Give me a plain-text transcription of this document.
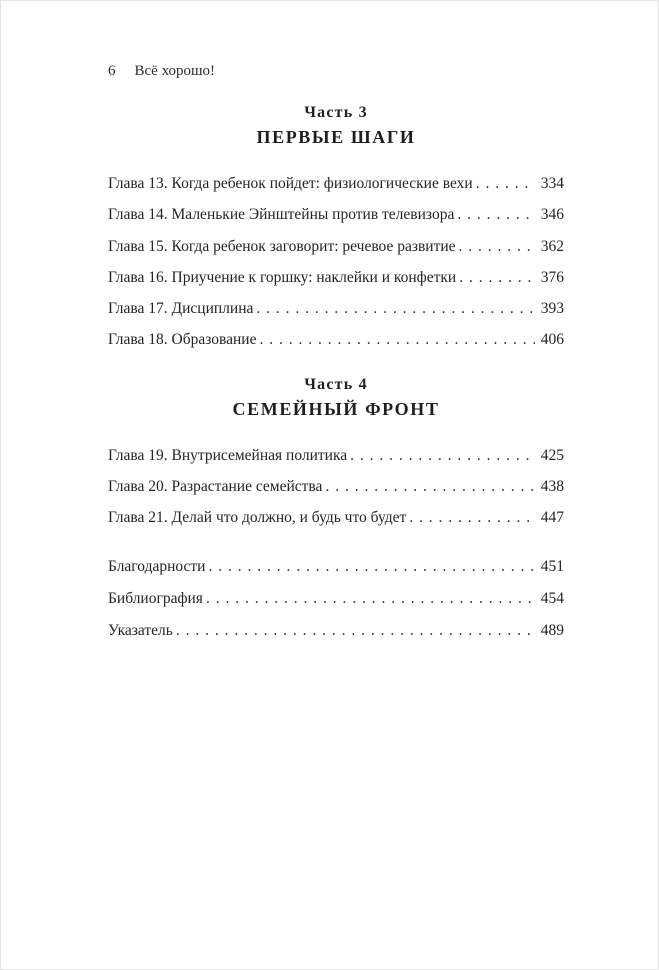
6 Всё хорошо!
Часть 3
ПЕРВЫЕ ШАГИ
Глава 13. Когда ребенок пойдет: физиологические вехи . . .	334
Глава 14. Маленькие Эйнштейны против телевизора . . .	346
Глава 15. Когда ребенок заговорит: речевое развитие . . .	362
Глава 16. Приучение к горшку: наклейки и конфетки . . .	376
Глава 17. Дисциплина . . .	393
Глава 18. Образование . . .	406
Часть 4
СЕМЕЙНЫЙ ФРОНТ
Глава 19. Внутрисемейная политика . . .	425
Глава 20. Разрастание семейства . . .	438
Глава 21. Делай что должно, и будь что будет . . .	447
Благодарности . . .	451
Библиография . . .	454
Указатель . . .	489
